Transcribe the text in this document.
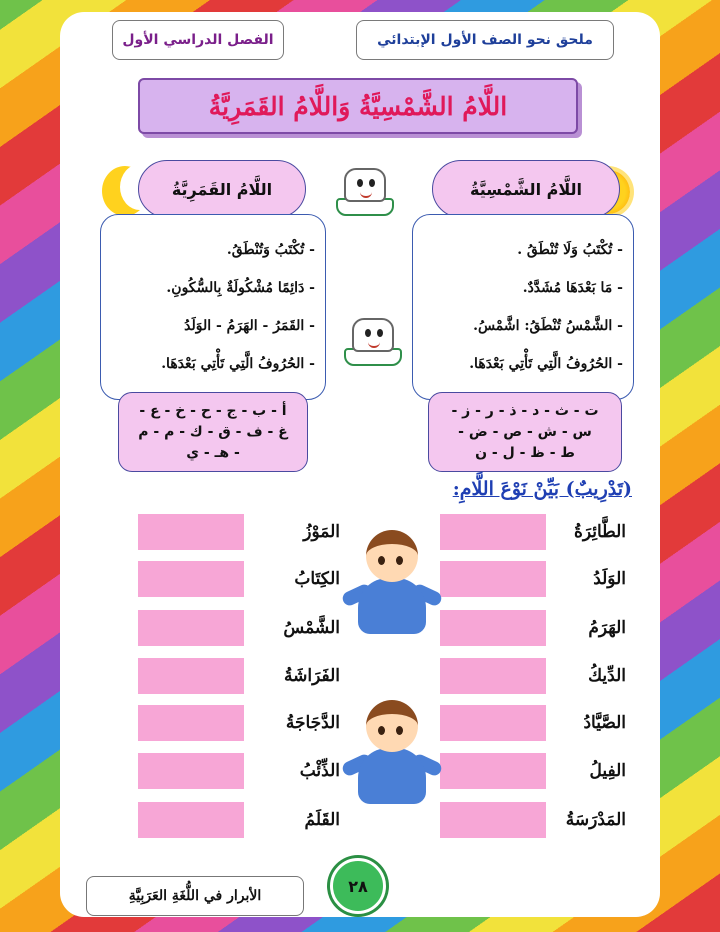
ملحق نحو الصف الأول الإبتدائي
الفصل الدراسي الأول
اللَّامُ الشَّمْسِيَّةُ وَاللَّامُ القَمَرِيَّةُ
اللَّامُ الشَّمْسِيَّةُ
اللَّامُ القَمَرِيَّةُ
- تُكْتَبُ وَلَا تُنْطَقُ .
- مَا بَعْدَهَا مُشَدَّدٌ.
- الشَّمْسُ تُنْطَقُ: اشَّمْسُ.
- الحُرُوفُ الَّتِي تَأْتِي بَعْدَهَا.
- تُكْتَبُ وَتُنْطَقُ.
- دَائِمًا مُشْكُولَةٌ بِالسُّكُونِ.
- القَمَرُ - الهَرَمُ - الوَلَدُ
- الحُرُوفُ الَّتِي تَأْتِي بَعْدَهَا.
ت - ث - د - ذ - ر - ز -
س - ش - ص - ض -
ط - ظ - ل - ن
أ - ب - ج - ح - خ - ع -
غ - ف - ق - ك - م - م
- هـ - ي
(تَدْرِيبٌ) بَيِّنْ نَوْعَ اللَّامِ:
الطَّائِرَةُ
الوَلَدُ
الهَرَمُ
الدِّيكُ
الصَّيَّادُ
الفِيلُ
المَدْرَسَةُ
المَوْزُ
الكِتَابُ
الشَّمْسُ
الفَرَاشَةُ
الدَّجَاجَةُ
الذِّئْبُ
القَلَمُ
الأبرار في اللُّغَةِ العَرَبِيَّةِ
٢٨
